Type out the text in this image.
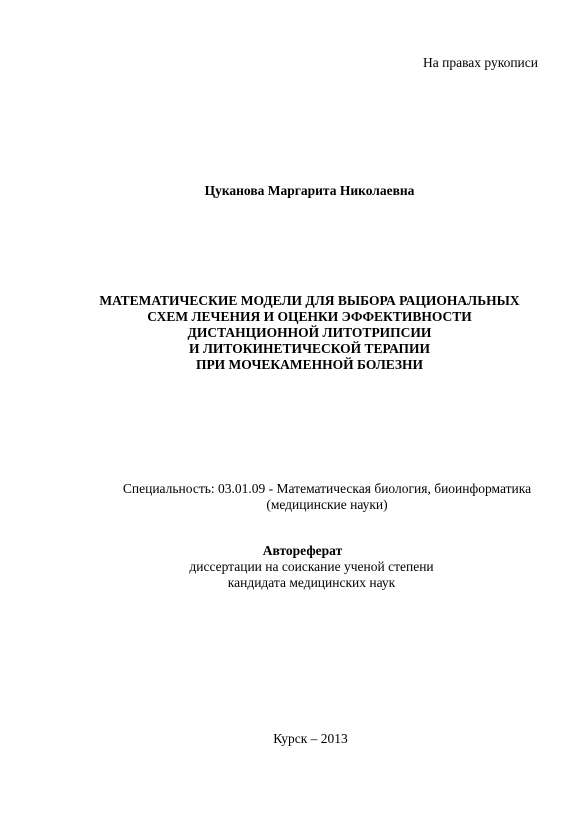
На правах рукописи
Цуканова Маргарита Николаевна
МАТЕМАТИЧЕСКИЕ МОДЕЛИ ДЛЯ ВЫБОРА РАЦИОНАЛЬНЫХ
СХЕМ ЛЕЧЕНИЯ И ОЦЕНКИ ЭФФЕКТИВНОСТИ
ДИСТАНЦИОННОЙ ЛИТОТРИПСИИ
И ЛИТОКИНЕТИЧЕСКОЙ ТЕРАПИИ
ПРИ МОЧЕКАМЕННОЙ БОЛЕЗНИ
Специальность: 03.01.09 - Математическая биология, биоинформатика
(медицинские науки)
Автореферат
диссертации на соискание ученой степени
кандидата медицинских наук
Курск – 2013
